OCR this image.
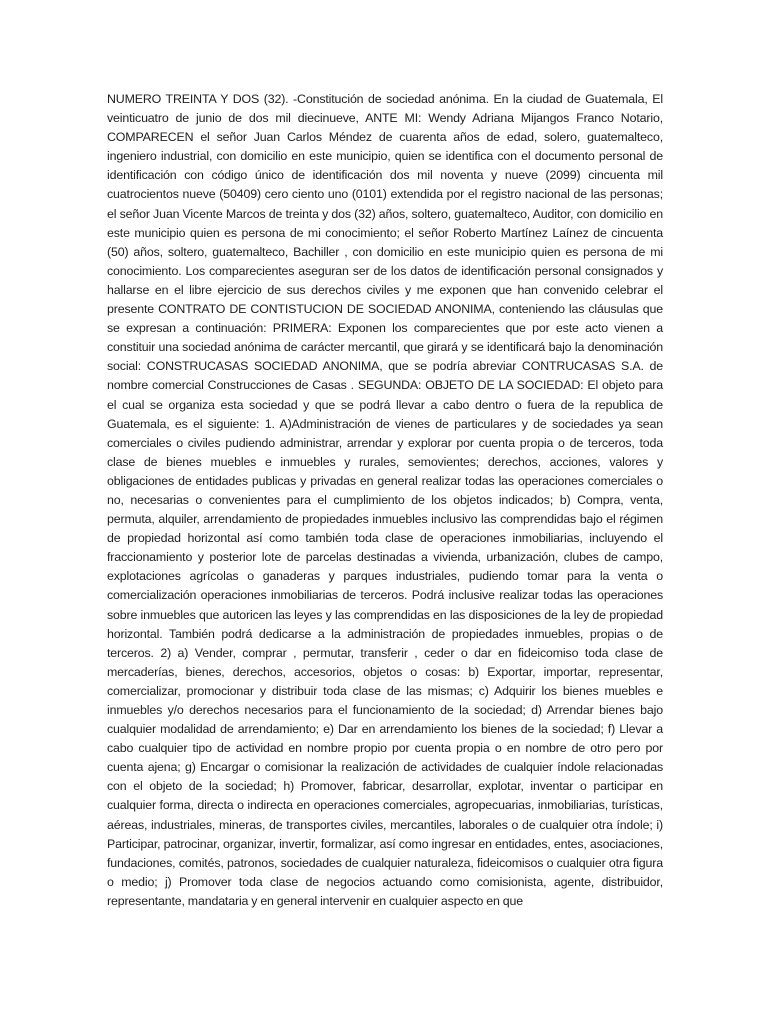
NUMERO TREINTA Y DOS (32). -Constitución de sociedad anónima. En la ciudad de Guatemala, El veinticuatro de junio de dos mil diecinueve, ANTE MI: Wendy Adriana Mijangos Franco Notario, COMPARECEN el señor Juan Carlos Méndez de cuarenta años de edad, solero, guatemalteco, ingeniero industrial, con domicilio en este municipio, quien se identifica con el documento personal de identificación con código único de identificación dos mil noventa y nueve (2099) cincuenta mil cuatrocientos nueve (50409) cero ciento uno (0101) extendida por el registro nacional de las personas; el señor Juan Vicente Marcos de treinta y dos (32) años, soltero, guatemalteco, Auditor, con domicilio en este municipio quien es persona de mi conocimiento; el señor Roberto Martínez Laínez de cincuenta (50) años, soltero, guatemalteco, Bachiller , con domicilio en este municipio quien es persona de mi conocimiento. Los comparecientes aseguran ser de los datos de identificación personal consignados y hallarse en el libre ejercicio de sus derechos civiles y me exponen que han convenido celebrar el presente CONTRATO DE CONTISTUCION DE SOCIEDAD ANONIMA, conteniendo las cláusulas que se expresan a continuación: PRIMERA: Exponen los comparecientes que por este acto vienen a constituir una sociedad anónima de carácter mercantil, que girará y se identificará bajo la denominación social: CONSTRUCASAS SOCIEDAD ANONIMA, que se podría abreviar CONTRUCASAS S.A. de nombre comercial Construcciones de Casas . SEGUNDA: OBJETO DE LA SOCIEDAD: El objeto para el cual se organiza esta sociedad y que se podrá llevar a cabo dentro o fuera de la republica de Guatemala, es el siguiente: 1. A)Administración de vienes de particulares y de sociedades ya sean comerciales o civiles pudiendo administrar, arrendar y explorar por cuenta propia o de terceros, toda clase de bienes muebles e inmuebles y rurales, semovientes; derechos, acciones, valores y obligaciones de entidades publicas y privadas en general realizar todas las operaciones comerciales o no, necesarias o convenientes para el cumplimiento de los objetos indicados; b) Compra, venta, permuta, alquiler, arrendamiento de propiedades inmuebles inclusivo las comprendidas bajo el régimen de propiedad horizontal así como también toda clase de operaciones inmobiliarias, incluyendo el fraccionamiento y posterior lote de parcelas destinadas a vivienda, urbanización, clubes de campo, explotaciones agrícolas o ganaderas y parques industriales, pudiendo tomar para la venta o comercialización operaciones inmobiliarias de terceros. Podrá inclusive realizar todas las operaciones sobre inmuebles que autoricen las leyes y las comprendidas en las disposiciones de la ley de propiedad horizontal. También podrá dedicarse a la administración de propiedades inmuebles, propias o de terceros. 2) a) Vender, comprar , permutar, transferir , ceder o dar en fideicomiso toda clase de mercaderías, bienes, derechos, accesorios, objetos o cosas: b) Exportar, importar, representar, comercializar, promocionar y distribuir toda clase de las mismas; c) Adquirir los bienes muebles e inmuebles y/o derechos necesarios para el funcionamiento de la sociedad; d) Arrendar bienes bajo cualquier modalidad de arrendamiento; e) Dar en arrendamiento los bienes de la sociedad; f) Llevar a cabo cualquier tipo de actividad en nombre propio por cuenta propia o en nombre de otro pero por cuenta ajena; g) Encargar o comisionar la realización de actividades de cualquier índole relacionadas con el objeto de la sociedad; h) Promover, fabricar, desarrollar, explotar, inventar o participar en cualquier forma, directa o indirecta en operaciones comerciales, agropecuarias, inmobiliarias, turísticas, aéreas, industriales, mineras, de transportes civiles, mercantiles, laborales o de cualquier otra índole; i) Participar, patrocinar, organizar, invertir, formalizar, así como ingresar en entidades, entes, asociaciones, fundaciones, comités, patronos, sociedades de cualquier naturaleza, fideicomisos o cualquier otra figura o medio; j) Promover toda clase de negocios actuando como comisionista, agente, distribuidor, representante, mandataria y en general intervenir en cualquier aspecto en que
